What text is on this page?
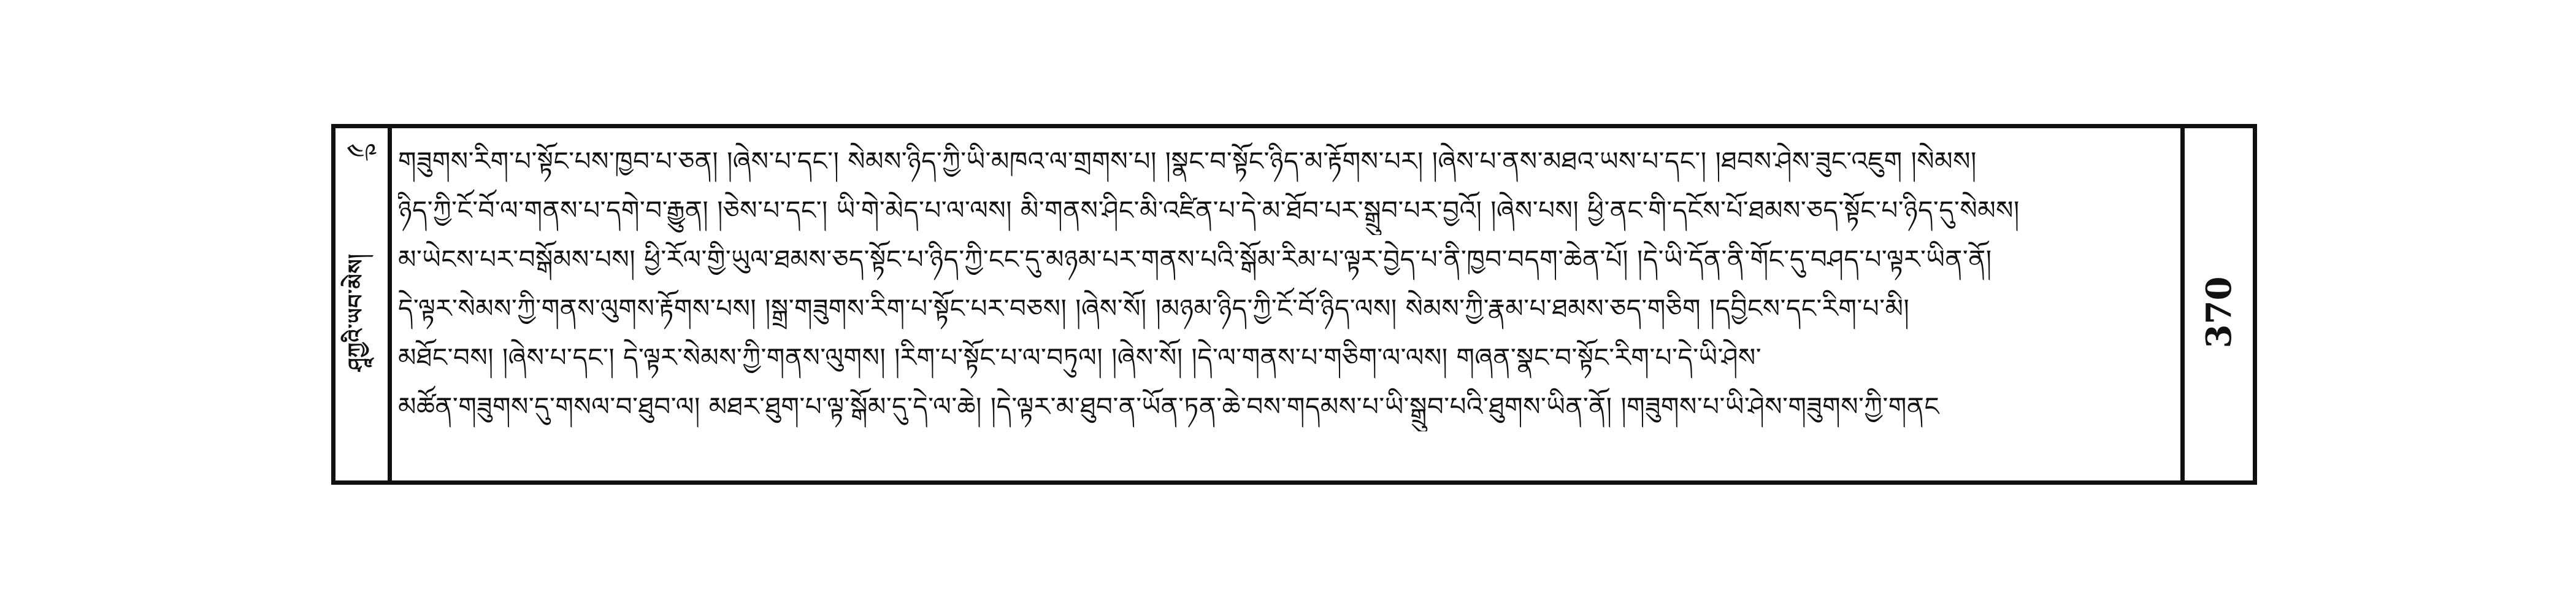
༤༩
ཤཱཀྱའི་ཡབ་མེས།
གཟུགས་རིག་པ་སྟོང་པས་ཁྱབ་པ་ཅན། །ཞེས་པ་དང་། སེམས་ཉིད་ཀྱི་ཡི་མཁའ་ལ་གྲགས་པ། །སྣང་བ་སྟོང་ཉིད་མ་རྟོགས་པར། །ཞེས་པ་ནས་མཐའ་ཡས་པ་དང་། །ཐབས་ཤེས་ཟུང་འཇུག །སེམས།
ཉིད་ཀྱི་ངོ་བོ་ལ་གནས་པ་དགེ་བ་རྒྱུན། །ཅེས་པ་དང་། ཡི་གེ་མེད་པ་ལ་ལས། མི་གནས་ཤིང་མི་འཛིན་པ་དེ་མ་ཐོབ་པར་སྒྲུབ་པར་བྱའོ། །ཞེས་པས། ཕྱི་ནང་གི་དངོས་པོ་ཐམས་ཅད་སྟོང་པ་ཉིད་དུ་སེམས།
མ་ཡེངས་པར་བསྒོམས་པས། ཕྱི་རོལ་གྱི་ཡུལ་ཐམས་ཅད་སྟོང་པ་ཉིད་ཀྱི་ངང་དུ་མཉམ་པར་གནས་པའི་སྒོམ་རིམ་པ་ལྟར་བྱེད་པ་ནི་ཁྱབ་བདག་ཆེན་པོ། །དེ་ཡི་དོན་ནི་གོང་དུ་བཤད་པ་ལྟར་ཡིན་ནོ།
དེ་ལྟར་སེམས་ཀྱི་གནས་ལུགས་རྟོགས་པས། །སྒྲ་གཟུགས་རིག་པ་སྟོང་པར་བཅས། །ཞེས་སོ། །མཉམ་ཉིད་ཀྱི་ངོ་བོ་ཉིད་ལས། སེམས་ཀྱི་རྣམ་པ་ཐམས་ཅད་གཅིག །དབྱིངས་དང་རིག་པ་མི།
མཐོང་བས། །ཞེས་པ་དང་། དེ་ལྟར་སེམས་ཀྱི་གནས་ལུགས། །རིག་པ་སྟོང་པ་ལ་བཏུལ། །ཞེས་སོ། །དེ་ལ་གནས་པ་གཅིག་ལ་ལས། གཞན་སྣང་བ་སྟོང་རིག་པ་དེ་ཡི་ཤེས་
མཚོན་གཟུགས་དུ་གསལ་བ་ཐུབ་ལ། མཐར་ཐུག་པ་ལྟ་སྒོམ་དུ་དེ་ལ་ཆེ། །དེ་ལྟར་མ་ཐུབ་ན་ཡོན་ཏན་ཆེ་བས་གདམས་པ་ཡི་སྒྲུབ་པའི་ཐུགས་ཡིན་ནོ། །གཟུགས་པ་ཡི་ཤེས་གཟུགས་ཀྱི་གནང
370
